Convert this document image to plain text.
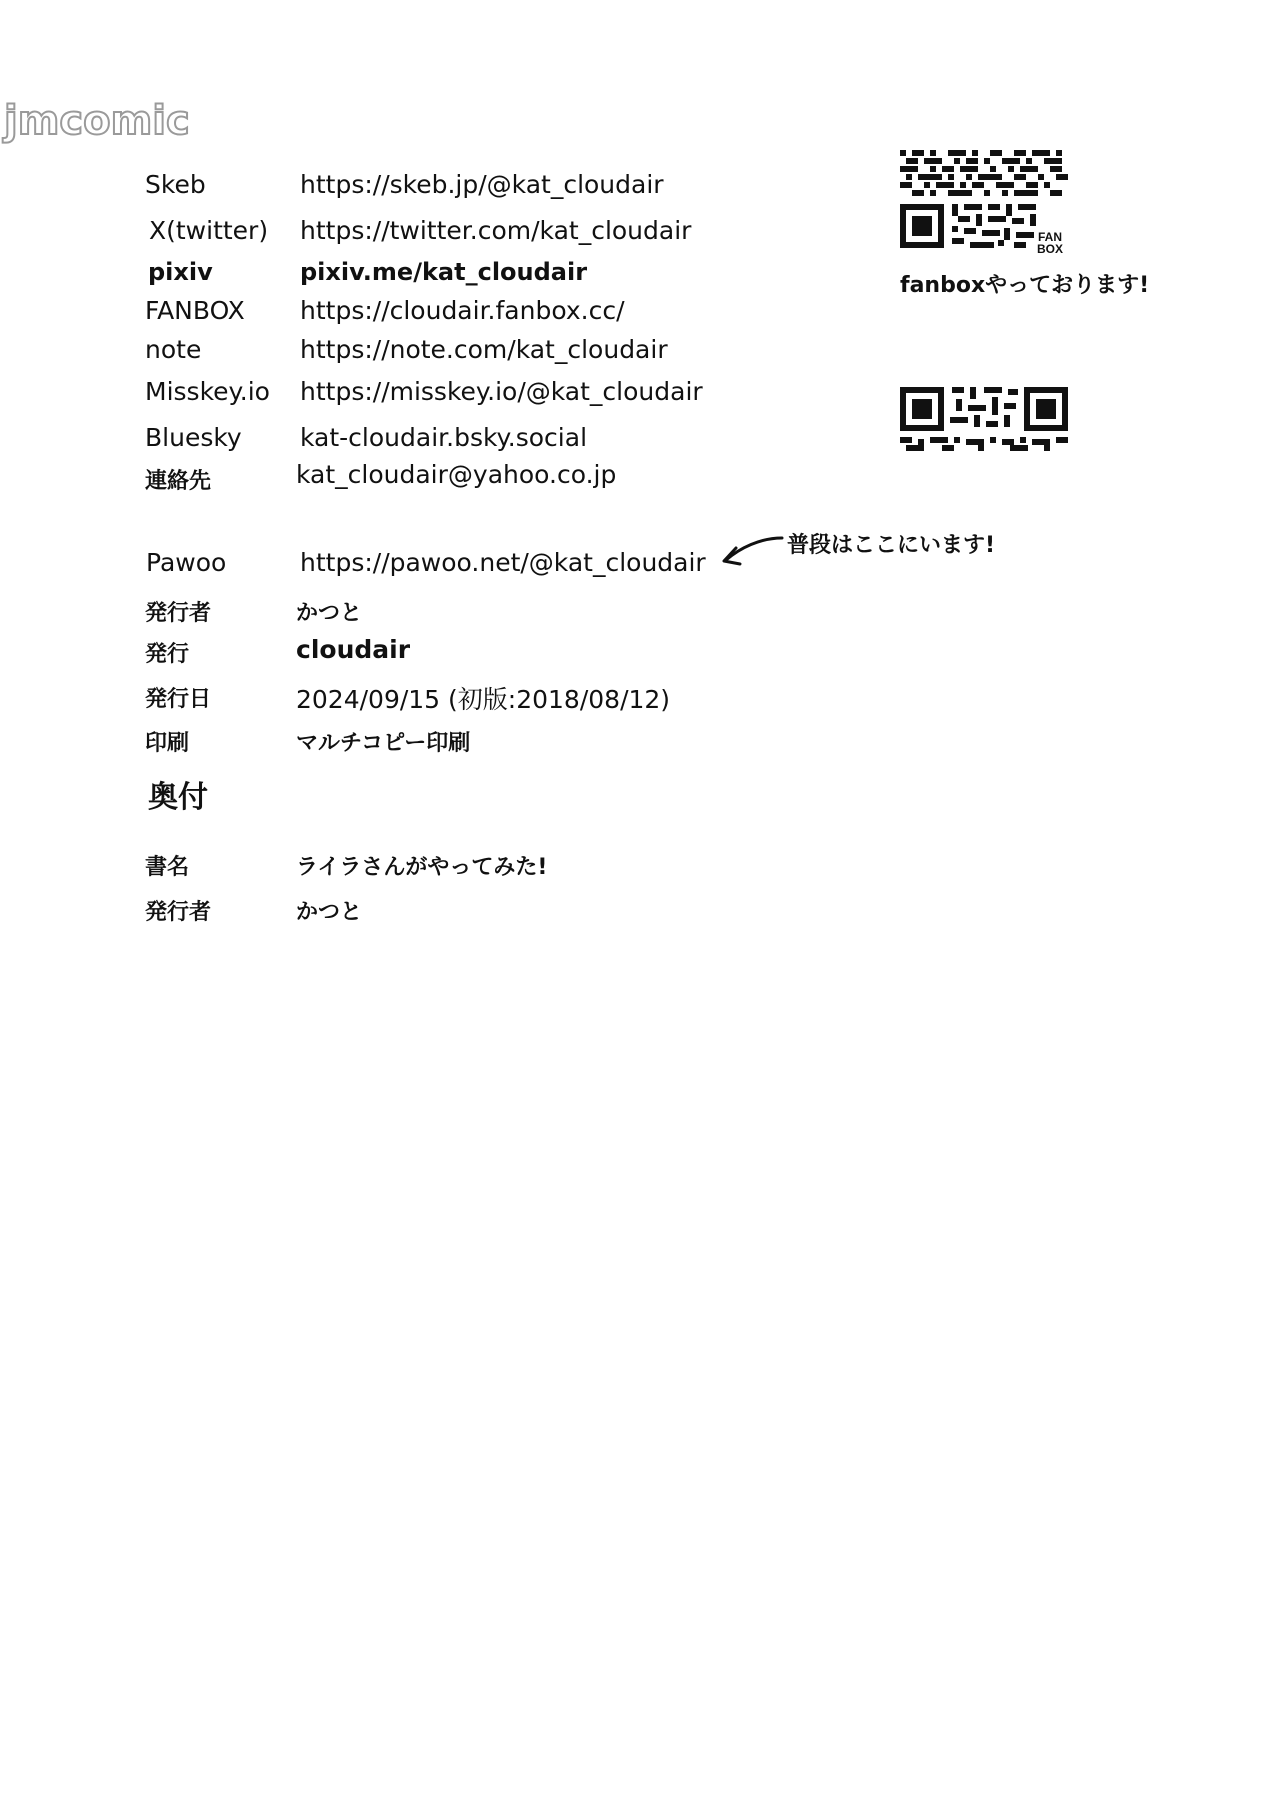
jmcomic
Skeb	https://skeb.jp/@kat_cloudair
X(twitter) https://twitter.com/kat_cloudair
pixiv	pixiv.me/kat_cloudair
FANBOX https://cloudair.fanbox.cc/
note	https://note.com/kat_cloudair
Misskey.io https://misskey.io/@kat_cloudair
Bluesky kat-cloudair.bsky.social
連絡先	kat_cloudair@yahoo.co.jp
Pawoo	https://pawoo.net/@kat_cloudair
発行者	かつと
発行	cloudair
発行日	2024/09/15 (初版:2018/08/12)
印刷	マルチコピー印刷
奥付
書名	ライラさんがやってみた!
発行者	かつと
FAN
BOX
fanboxやっております!
普段はここにいます!
